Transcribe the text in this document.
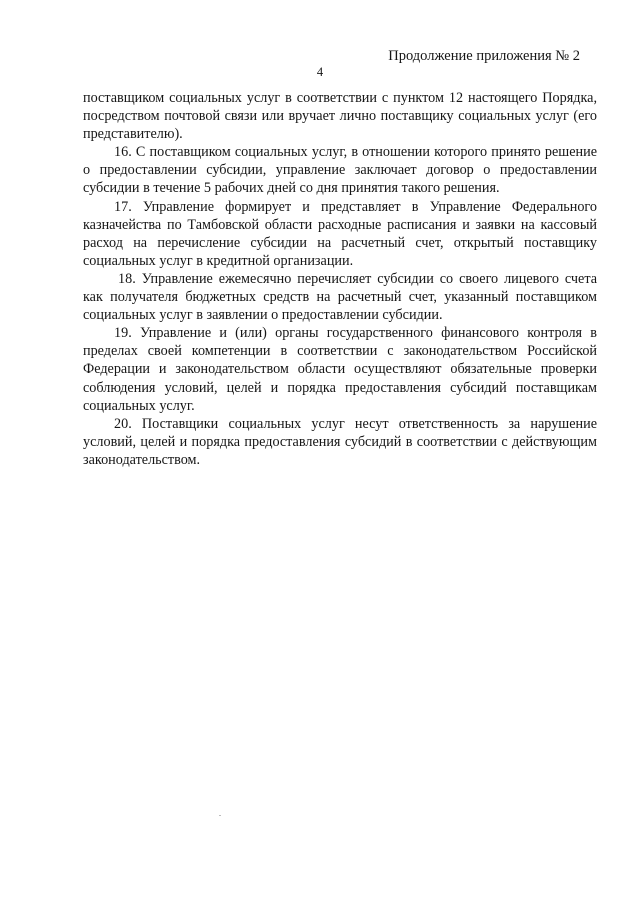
Продолжение приложения № 2
4

поставщиком социальных услуг в соответствии с пунктом 12 настоящего Порядка, посредством почтовой связи или вручает лично поставщику социальных услуг (его представителю).

16. С поставщиком социальных услуг, в отношении которого принято решение о предоставлении субсидии, управление заключает договор о предоставлении субсидии в течение 5 рабочих дней со дня принятия такого решения.

17. Управление формирует и представляет в Управление Федерального казначейства по Тамбовской области расходные расписания и заявки на кассовый расход на перечисление субсидии на расчетный счет, открытый поставщику социальных услуг в кредитной организации.

18. Управление ежемесячно перечисляет субсидии со своего лицевого счета как получателя бюджетных средств на расчетный счет, указанный поставщиком социальных услуг в заявлении о предоставлении субсидии.

19. Управление и (или) органы государственного финансового контроля в пределах своей компетенции в соответствии с законодательством Российской Федерации и законодательством области осуществляют обязательные проверки соблюдения условий, целей и порядка предоставления субсидий поставщикам социальных услуг.

20. Поставщики социальных услуг несут ответственность за нарушение условий, целей и порядка предоставления субсидий в соответствии с действующим законодательством.
